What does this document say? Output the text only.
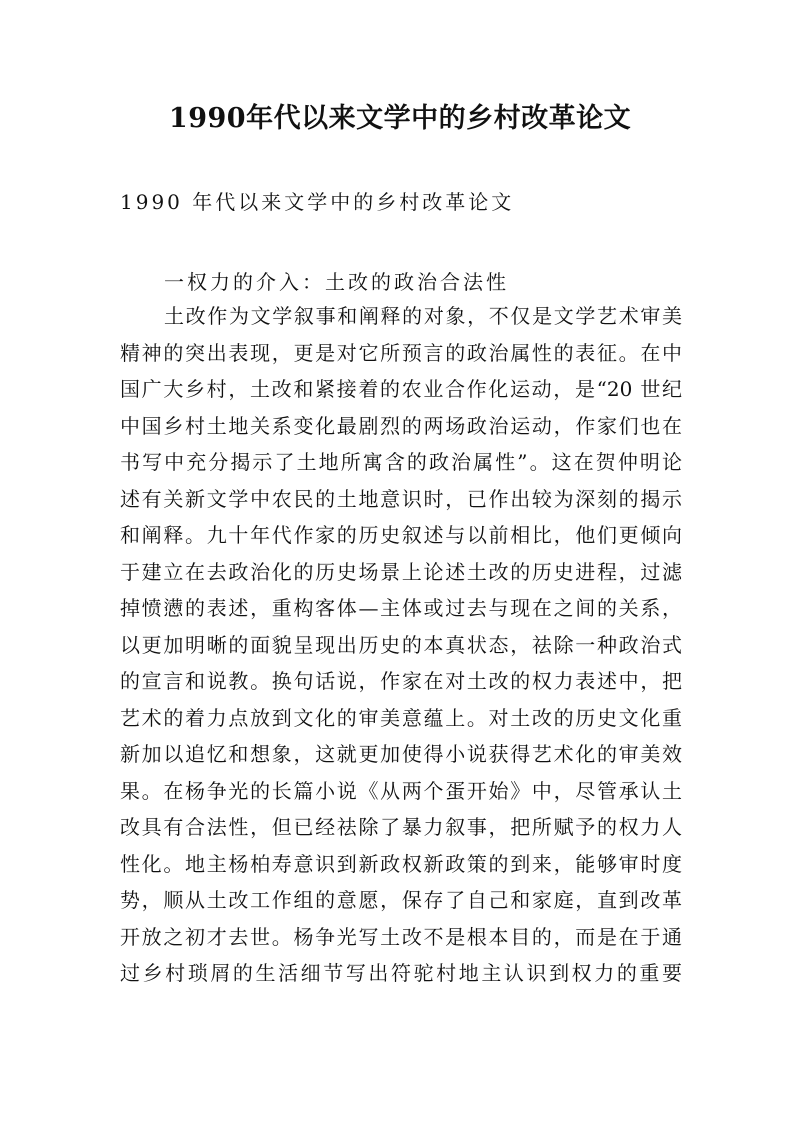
1990年代以来文学中的乡村改革论文

1990 年代以来文学中的乡村改革论文

一权力的介入：土改的政治合法性

土改作为文学叙事和阐释的对象，不仅是文学艺术审美
精神的突出表现，更是对它所预言的政治属性的表征。在中
国广大乡村，土改和紧接着的农业合作化运动，是“20 世纪
中国乡村土地关系变化最剧烈的两场政治运动，作家们也在
书写中充分揭示了土地所寓含的政治属性”。这在贺仲明论
述有关新文学中农民的土地意识时，已作出较为深刻的揭示
和阐释。九十年代作家的历史叙述与以前相比，他们更倾向
于建立在去政治化的历史场景上论述土改的历史进程，过滤
掉愤懑的表述，重构客体—主体或过去与现在之间的关系，
以更加明晰的面貌呈现出历史的本真状态，祛除一种政治式
的宣言和说教。换句话说，作家在对土改的权力表述中，把
艺术的着力点放到文化的审美意蕴上。对土改的历史文化重
新加以追忆和想象，这就更加使得小说获得艺术化的审美效
果。在杨争光的长篇小说《从两个蛋开始》中，尽管承认土
改具有合法性，但已经祛除了暴力叙事，把所赋予的权力人
性化。地主杨柏寿意识到新政权新政策的到来，能够审时度
势，顺从土改工作组的意愿，保存了自己和家庭，直到改革
开放之初才去世。杨争光写土改不是根本目的，而是在于通
过乡村琐屑的生活细节写出符驼村地主认识到权力的重要
